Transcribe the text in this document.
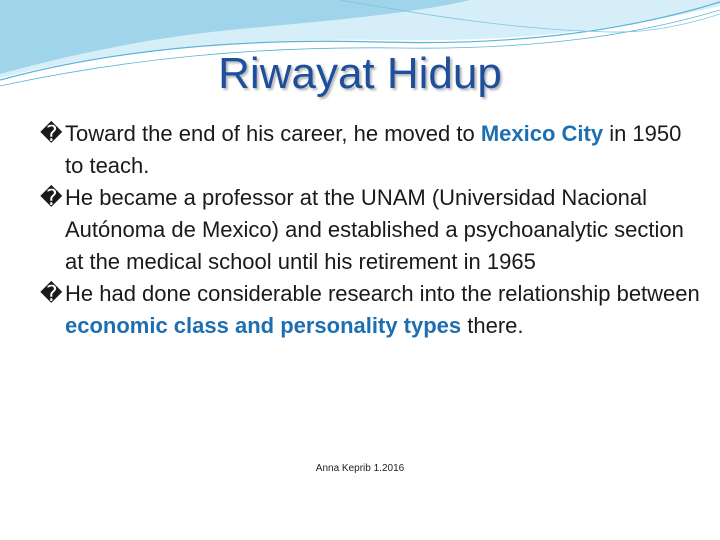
Riwayat Hidup
� Toward the end of his career, he moved to Mexico City in 1950 to teach.
� He became a professor at the UNAM (Universidad Nacional Autónoma de Mexico) and established a psychoanalytic section at the medical school until his retirement in 1965
� He had done considerable research into the relationship between economic class and personality types there.
Anna Keprib 1.2016
